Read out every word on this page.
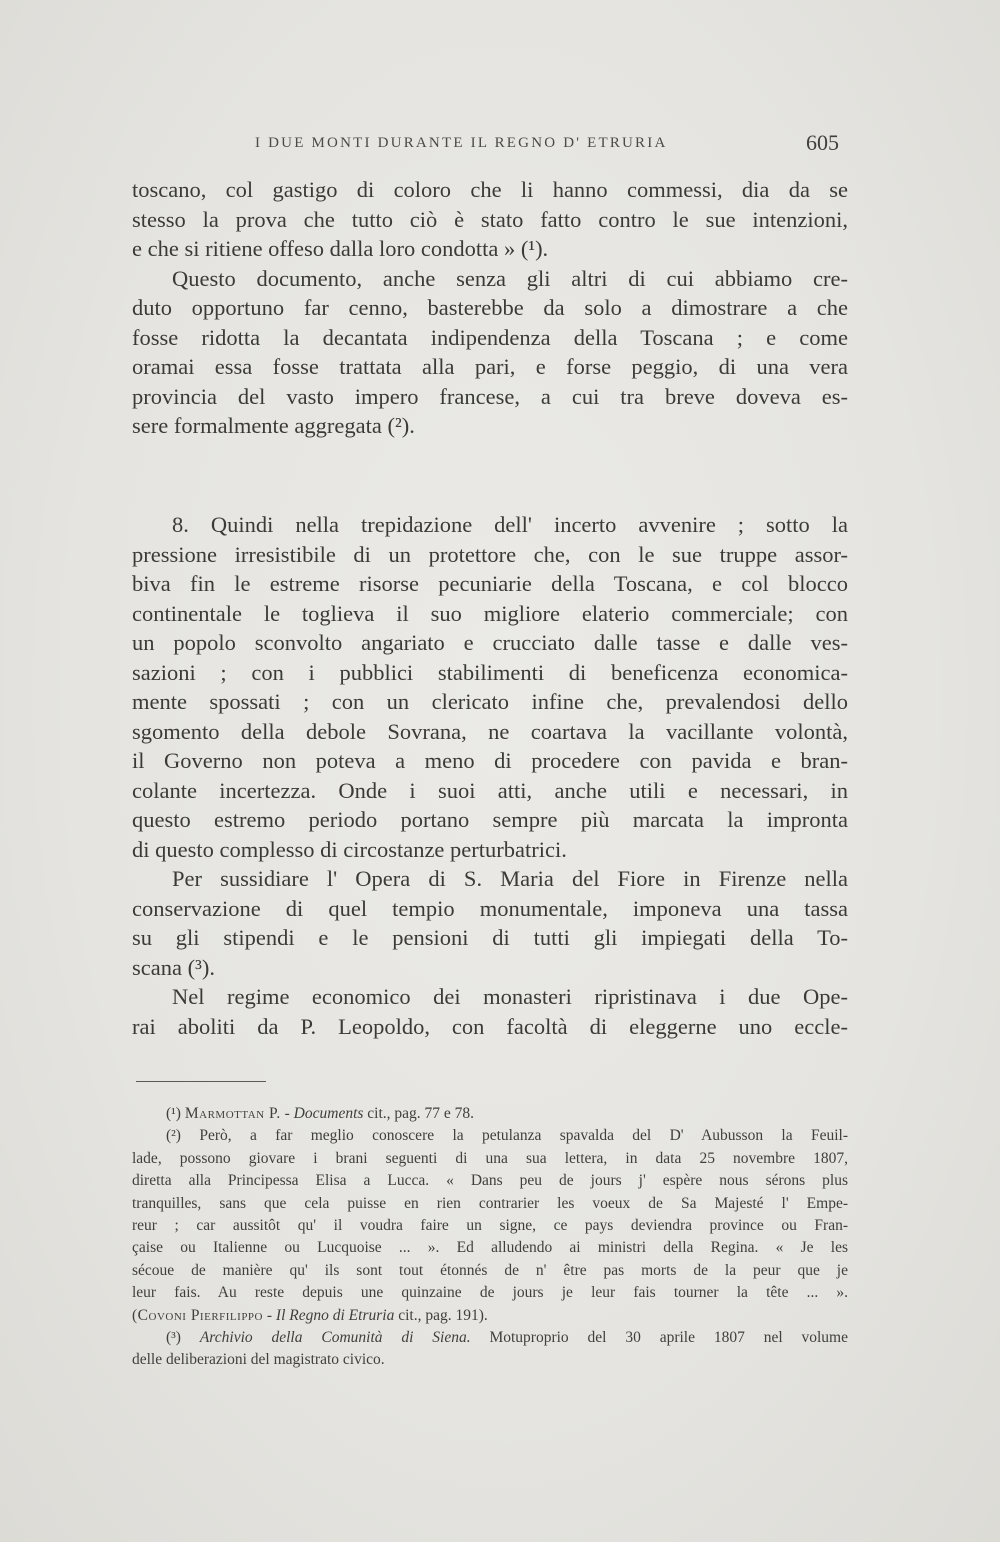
I DUE MONTI DURANTE IL REGNO D' ETRURIA	605
toscano, col gastigo di coloro che li hanno commessi, dia da se
stesso la prova che tutto ciò è stato fatto contro le sue intenzioni,
e che si ritiene offeso dalla loro condotta » (¹).
Questo documento, anche senza gli altri di cui abbiamo cre-
duto opportuno far cenno, basterebbe da solo a dimostrare a che
fosse ridotta la decantata indipendenza della Toscana ; e come
oramai essa fosse trattata alla pari, e forse peggio, di una vera
provincia del vasto impero francese, a cui tra breve doveva es-
sere formalmente aggregata (²).
8. Quindi nella trepidazione dell' incerto avvenire ; sotto la
pressione irresistibile di un protettore che, con le sue truppe assor-
biva fin le estreme risorse pecuniarie della Toscana, e col blocco
continentale le toglieva il suo migliore elaterio commerciale; con
un popolo sconvolto angariato e crucciato dalle tasse e dalle ves-
sazioni ; con i pubblici stabilimenti di beneficenza economica-
mente spossati ; con un clericato infine che, prevalendosi dello
sgomento della debole Sovrana, ne coartava la vacillante volontà,
il Governo non poteva a meno di procedere con pavida e bran-
colante incertezza. Onde i suoi atti, anche utili e necessari, in
questo estremo periodo portano sempre più marcata la impronta
di questo complesso di circostanze perturbatrici.
Per sussidiare l' Opera di S. Maria del Fiore in Firenze nella
conservazione di quel tempio monumentale, imponeva una tassa
su gli stipendi e le pensioni di tutti gli impiegati della To-
scana (³).
Nel regime economico dei monasteri ripristinava i due Ope-
rai aboliti da P. Leopoldo, con facoltà di eleggerne uno eccle-
(¹) Marmottan P. - Documents cit., pag. 77 e 78.
(²) Però, a far meglio conoscere la petulanza spavalda del D' Aubusson la Feuil-
lade, possono giovare i brani seguenti di una sua lettera, in data 25 novembre 1807,
diretta alla Principessa Elisa a Lucca. « Dans peu de jours j' espère nous sérons plus
tranquilles, sans que cela puisse en rien contrarier les voeux de Sa Majesté l' Empe-
reur ; car aussitôt qu' il voudra faire un signe, ce pays deviendra province ou Fran-
çaise ou Italienne ou Lucquoise ... ». Ed alludendo ai ministri della Regina. « Je les
sécoue de manière qu' ils sont tout étonnés de n' être pas morts de la peur que je
leur fais. Au reste depuis une quinzaine de jours je leur fais tourner la tête ... ».
(Covoni Pierfilippo - Il Regno di Etruria cit., pag. 191).
(³) Archivio della Comunità di Siena. Motuproprio del 30 aprile 1807 nel volume
delle deliberazioni del magistrato civico.
